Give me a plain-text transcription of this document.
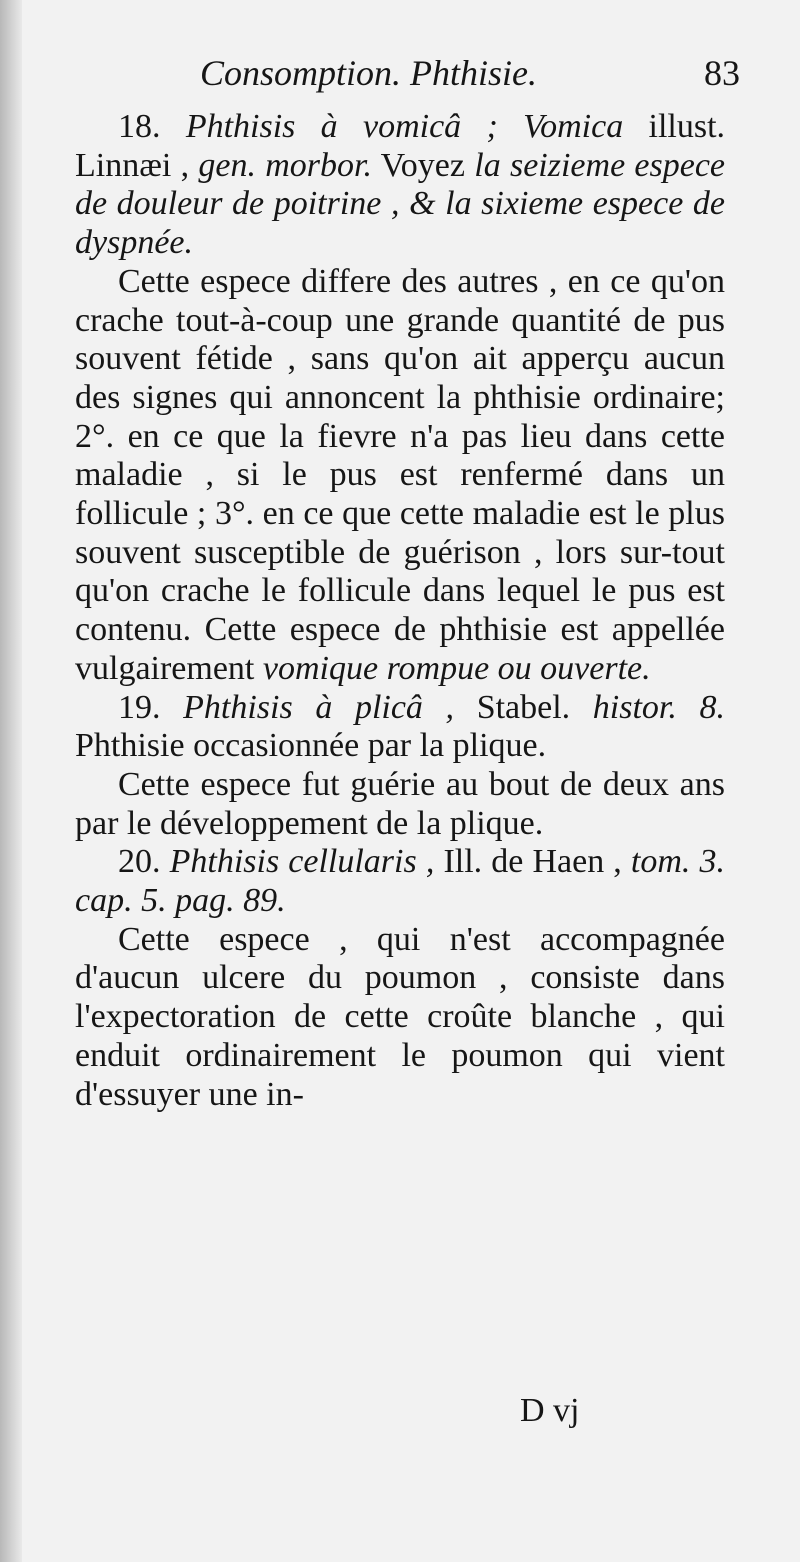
Consomption. Phthisie.	83

18. Phthisis à vomicâ ; Vomica illust. Linnæi , gen. morbor. Voyez la seizieme espece de douleur de poitrine , & la sixieme espece de dyspnée.

Cette espece differe des autres , en ce qu'on crache tout-à-coup une grande quantité de pus souvent fétide , sans qu'on ait apperçu aucun des signes qui annoncent la phthisie ordinaire; 2°. en ce que la fievre n'a pas lieu dans cette maladie , si le pus est renfermé dans un follicule ; 3°. en ce que cette maladie est le plus souvent susceptible de guérison , lors sur-tout qu'on crache le follicule dans lequel le pus est contenu. Cette espece de phthisie est appellée vulgairement vomique rompue ou ouverte.

19. Phthisis à plicâ , Stabel. histor. 8. Phthisie occasionnée par la plique.

Cette espece fut guérie au bout de deux ans par le développement de la plique.

20. Phthisis cellularis , Ill. de Haen , tom. 3. cap. 5. pag. 89.

Cette espece , qui n'est accompagnée d'aucun ulcere du poumon , consiste dans l'expectoration de cette croûte blanche , qui enduit ordinairement le poumon qui vient d'essuyer une in-

D vj
